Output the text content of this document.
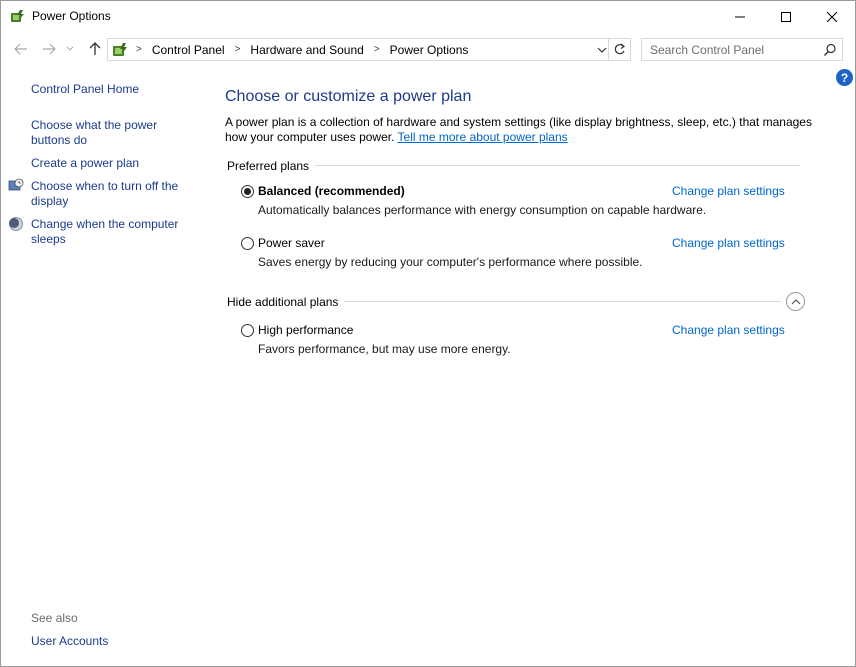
Power Options
> Control Panel > Hardware and Sound > Power Options
Search Control Panel
?
Control Panel Home
Choose what the power buttons do
Create a power plan
Choose when to turn off the display
Change when the computer sleeps
See also
User Accounts
Choose or customize a power plan

A power plan is a collection of hardware and system settings (like display brightness, sleep, etc.) that manages how your computer uses power. Tell me more about power plans

Preferred plans
Balanced (recommended)
Automatically balances performance with energy consumption on capable hardware.
Change plan settings
Power saver
Saves energy by reducing your computer's performance where possible.
Change plan settings
Hide additional plans
High performance
Favors performance, but may use more energy.
Change plan settings
